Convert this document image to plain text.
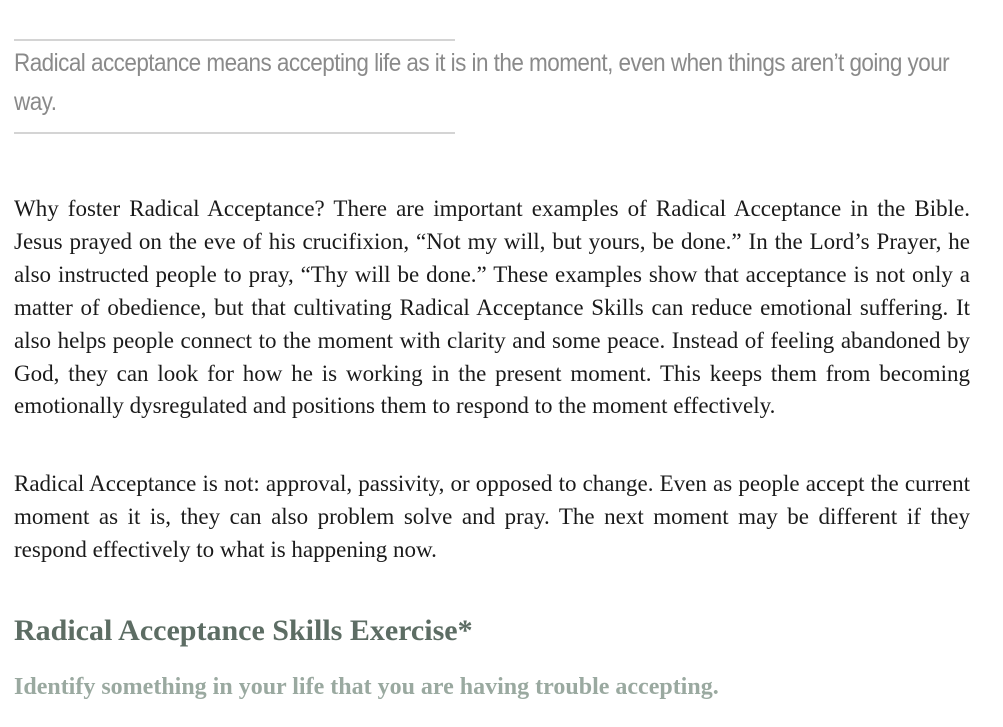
Radical acceptance means accepting life as it is in the moment, even when things aren’t going your way.

Why foster Radical Acceptance? There are important examples of Radical Acceptance in the Bible. Jesus prayed on the eve of his crucifixion, “Not my will, but yours, be done.” In the Lord’s Prayer, he also instructed people to pray, “Thy will be done.” These examples show that acceptance is not only a matter of obedience, but that cultivating Radical Acceptance Skills can reduce emotional suffering. It also helps people connect to the moment with clarity and some peace. Instead of feeling abandoned by God, they can look for how he is working in the present moment. This keeps them from becoming emotionally dysregulated and positions them to respond to the moment effectively.

Radical Acceptance is not: approval, passivity, or opposed to change. Even as people accept the current moment as it is, they can also problem solve and pray. The next moment may be different if they respond effectively to what is happening now.

Radical Acceptance Skills Exercise*
Identify something in your life that you are having trouble accepting.
